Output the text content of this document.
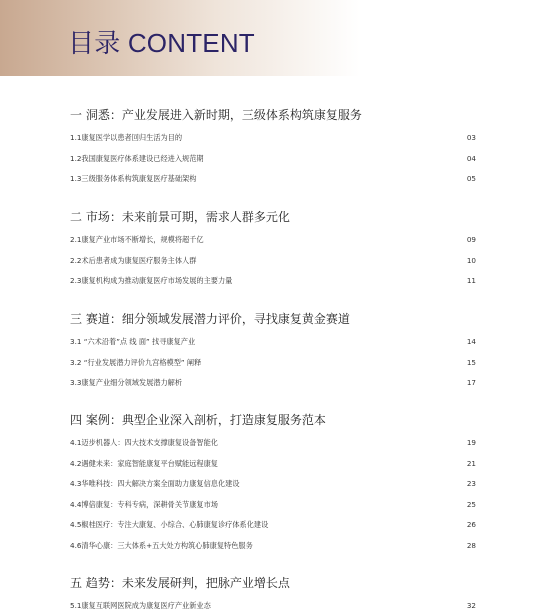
目录 CONTENT
一 洞悉：产业发展进入新时期，三级体系构筑康复服务
1.1康复医学以患者回归生活为目的	03
1.2我国康复医疗体系建设已经进入规范期	04
1.3三级服务体系构筑康复医疗基础架构	05
二 市场：未来前景可期，需求人群多元化
2.1康复产业市场不断增长，规模将超千亿	09
2.2术后患者成为康复医疗服务主体人群	10
2.3康复机构成为推动康复医疗市场发展的主要力量	11
三 赛道：细分领域发展潜力评价，寻找康复黄金赛道
3.1 “六术沿着”点 线 面” 找寻康复产业	14
3.2 “行业发展潜力评价九宫格模型” 阐释	15
3.3康复产业细分领域发展潜力解析	17
四 案例：典型企业深入剖析，打造康复服务范本
4.1迈步机器人：四大技术支撑康复设备智能化	19
4.2遇健未来：家庭智能康复平台赋能远程康复	21
4.3华唯科技：四大解决方案全面助力康复信息化建设	23
4.4博倍康复：专科专病，深耕骨关节康复市场	25
4.5椒桂医疗：专注大康复、小综合、心肺康复诊疗体系化建设	26
4.6清华心康：三大体系+五大处方构筑心肺康复特色服务	28
五 趋势：未来发展研判，把脉产业增长点
5.1康复互联网医院成为康复医疗产业新业态	32
